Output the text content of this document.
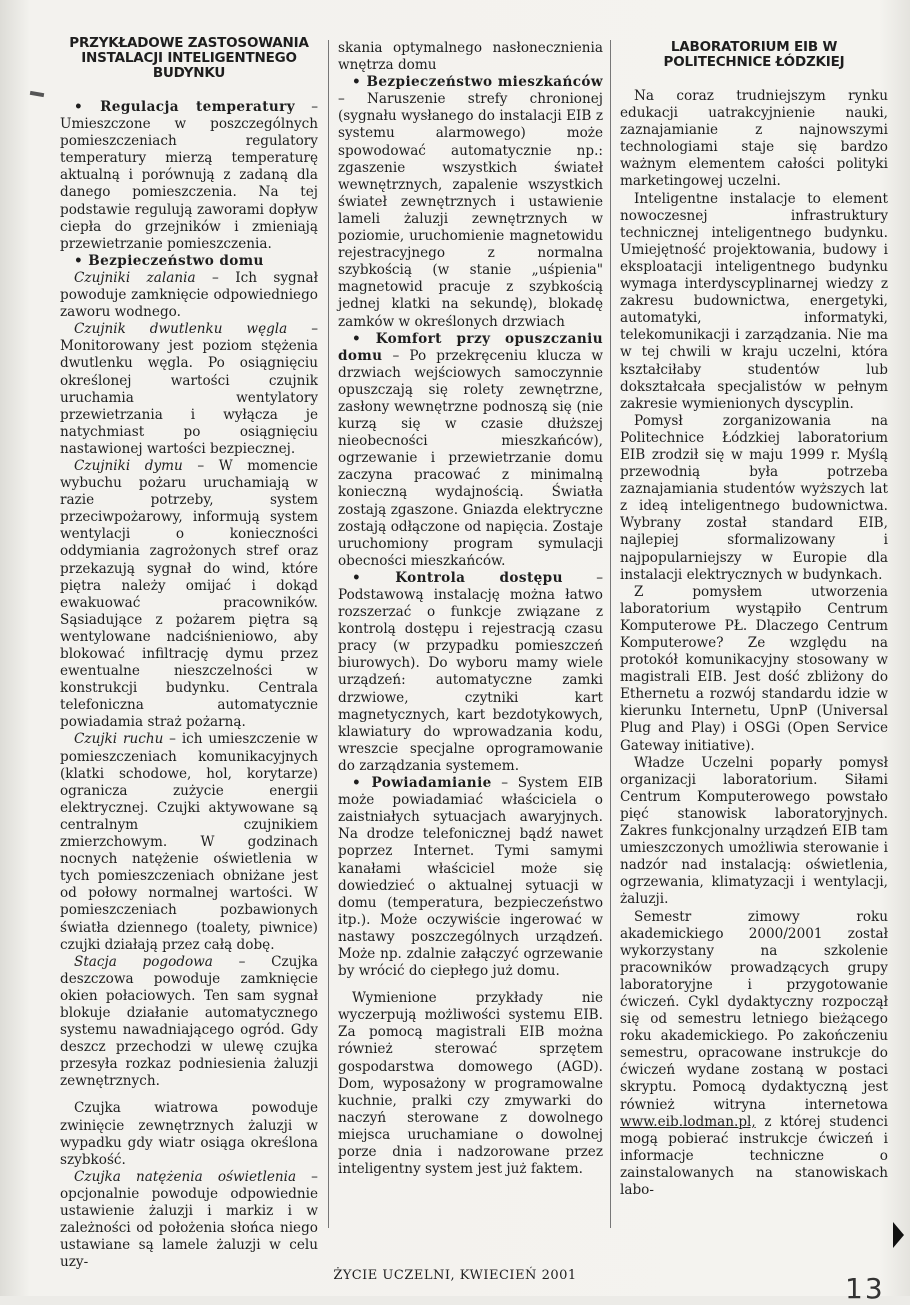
PRZYKŁADOWE ZASTOSOWANIA INSTALACJI INTELIGENTNEGO BUDYNKU

• Regulacja temperatury – Umieszczone w poszczególnych pomieszczeniach regulatory temperatury mierzą temperaturę aktualną i porównują z zadaną dla danego pomieszczenia. Na tej podstawie regulują zaworami dopływ ciepła do grzejników i zmieniają przewietrzanie pomieszczenia.

• Bezpieczeństwo domu

Czujniki zalania – Ich sygnał powoduje zamknięcie odpowiedniego zaworu wodnego.

Czujnik dwutlenku węgla – Monitorowany jest poziom stężenia dwutlenku węgla. Po osiągnięciu określonej wartości czujnik uruchamia wentylatory przewietrzania i wyłącza je natychmiast po osiągnięciu nastawionej wartości bezpiecznej.

Czujniki dymu – W momencie wybuchu pożaru uruchamiają w razie potrzeby, system przeciwpożarowy, informują system wentylacji o konieczności oddymiania zagrożonych stref oraz przekazują sygnał do wind, które piętra należy omijać i dokąd ewakuować pracowników. Sąsiadujące z pożarem piętra są wentylowane nadciśnieniowo, aby blokować infiltrację dymu przez ewentualne nieszczelności w konstrukcji budynku. Centrala telefoniczna automatycznie powiadamia straż pożarną.

Czujki ruchu – ich umieszczenie w pomieszczeniach komunikacyjnych (klatki schodowe, hol, korytarze) ogranicza zużycie energii elektrycznej. Czujki aktywowane są centralnym czujnikiem zmierzchowym. W godzinach nocnych natężenie oświetlenia w tych pomieszczeniach obniżane jest od połowy normalnej wartości. W pomieszczeniach pozbawionych światła dziennego (toalety, piwnice) czujki działają przez całą dobę.

Stacja pogodowa – Czujka deszczowa powoduje zamknięcie okien połaciowych. Ten sam sygnał blokuje działanie automatycznego systemu nawadniającego ogród. Gdy deszcz przechodzi w ulewę czujka przesyła rozkaz podniesienia żaluzji zewnętrznych.

Czujka wiatrowa powoduje zwinięcie zewnętrznych żaluzji w wypadku gdy wiatr osiąga określona szybkość.

Czujka natężenia oświetlenia – opcjonalnie powoduje odpowiednie ustawienie żaluzji i markiz i w zależności od położenia słońca niego ustawiane są lamele żaluzji w celu uzy-

skania optymalnego nasłonecznienia wnętrza domu

• Bezpieczeństwo mieszkańców – Naruszenie strefy chronionej (sygnału wysłanego do instalacji EIB z systemu alarmowego) może spowodować automatycznie np.: zgaszenie wszystkich świateł wewnętrznych, zapalenie wszystkich świateł zewnętrznych i ustawienie lameli żaluzji zewnętrznych w poziomie, uruchomienie magnetowidu rejestracyjnego z normalna szybkością (w stanie „uśpienia" magnetowid pracuje z szybkością jednej klatki na sekundę), blokadę zamków w określonych drzwiach

• Komfort przy opuszczaniu domu – Po przekręceniu klucza w drzwiach wejściowych samoczynnie opuszczają się rolety zewnętrzne, zasłony wewnętrzne podnoszą się (nie kurzą się w czasie dłuższej nieobecności mieszkańców), ogrzewanie i przewietrzanie domu zaczyna pracować z minimalną konieczną wydajnością. Światła zostają zgaszone. Gniazda elektryczne zostają odłączone od napięcia. Zostaje uruchomiony program symulacji obecności mieszkańców.

• Kontrola dostępu – Podstawową instalację można łatwo rozszerzać o funkcje związane z kontrolą dostępu i rejestracją czasu pracy (w przypadku pomieszczeń biurowych). Do wyboru mamy wiele urządzeń: automatyczne zamki drzwiowe, czytniki kart magnetycznych, kart bezdotykowych, klawiatury do wprowadzania kodu, wreszcie specjalne oprogramowanie do zarządzania systemem.

• Powiadamianie – System EIB może powiadamiać właściciela o zaistniałych sytuacjach awaryjnych. Na drodze telefonicznej bądź nawet poprzez Internet. Tymi samymi kanałami właściciel może się dowiedzieć o aktualnej sytuacji w domu (temperatura, bezpieczeństwo itp.). Może oczywiście ingerować w nastawy poszczególnych urządzeń. Może np. zdalnie załączyć ogrzewanie by wrócić do ciepłego już domu.

Wymienione przykłady nie wyczerpują możliwości systemu EIB. Za pomocą magistrali EIB można również sterować sprzętem gospodarstwa domowego (AGD). Dom, wyposażony w programowalne kuchnie, pralki czy zmywarki do naczyń sterowane z dowolnego miejsca uruchamiane o dowolnej porze dnia i nadzorowane przez inteligentny system jest już faktem.

LABORATORIUM EIB W POLITECHNICE ŁÓDZKIEJ

Na coraz trudniejszym rynku edukacji uatrakcyjnienie nauki, zaznajamianie z najnowszymi technologiami staje się bardzo ważnym elementem całości polityki marketingowej uczelni.

Inteligentne instalacje to element nowoczesnej infrastruktury technicznej inteligentnego budynku. Umiejętność projektowania, budowy i eksploatacji inteligentnego budynku wymaga interdyscyplinarnej wiedzy z zakresu budownictwa, energetyki, automatyki, informatyki, telekomunikacji i zarządzania. Nie ma w tej chwili w kraju uczelni, która kształciłaby studentów lub dokształcała specjalistów w pełnym zakresie wymienionych dyscyplin.

Pomysł zorganizowania na Politechnice Łódzkiej laboratorium EIB zrodził się w maju 1999 r. Myślą przewodnią była potrzeba zaznajamiania studentów wyższych lat z ideą inteligentnego budownictwa. Wybrany został standard EIB, najlepiej sformalizowany i najpopularniejszy w Europie dla instalacji elektrycznych w budynkach.

Z pomysłem utworzenia laboratorium wystąpiło Centrum Komputerowe PŁ. Dlaczego Centrum Komputerowe? Ze względu na protokół komunikacyjny stosowany w magistrali EIB. Jest dość zbliżony do Ethernetu a rozwój standardu idzie w kierunku Internetu, UpnP (Universal Plug and Play) i OSGi (Open Service Gateway initiative).

Władze Uczelni poparły pomysł organizacji laboratorium. Siłami Centrum Komputerowego powstało pięć stanowisk laboratoryjnych. Zakres funkcjonalny urządzeń EIB tam umieszczonych umożliwia sterowanie i nadzór nad instalacją: oświetlenia, ogrzewania, klimatyzacji i wentylacji, żaluzji.

Semestr zimowy roku akademickiego 2000/2001 został wykorzystany na szkolenie pracowników prowadzących grupy laboratoryjne i przygotowanie ćwiczeń. Cykl dydaktyczny rozpoczął się od semestru letniego bieżącego roku akademickiego. Po zakończeniu semestru, opracowane instrukcje do ćwiczeń wydane zostaną w postaci skryptu. Pomocą dydaktyczną jest również witryna internetowa www.eib.lodman.pl, z której studenci mogą pobierać instrukcje ćwiczeń i informacje techniczne o zainstalowanych na stanowiskach labo-

ŻYCIE UCZELNI, KWIECIEŃ 2001	13
